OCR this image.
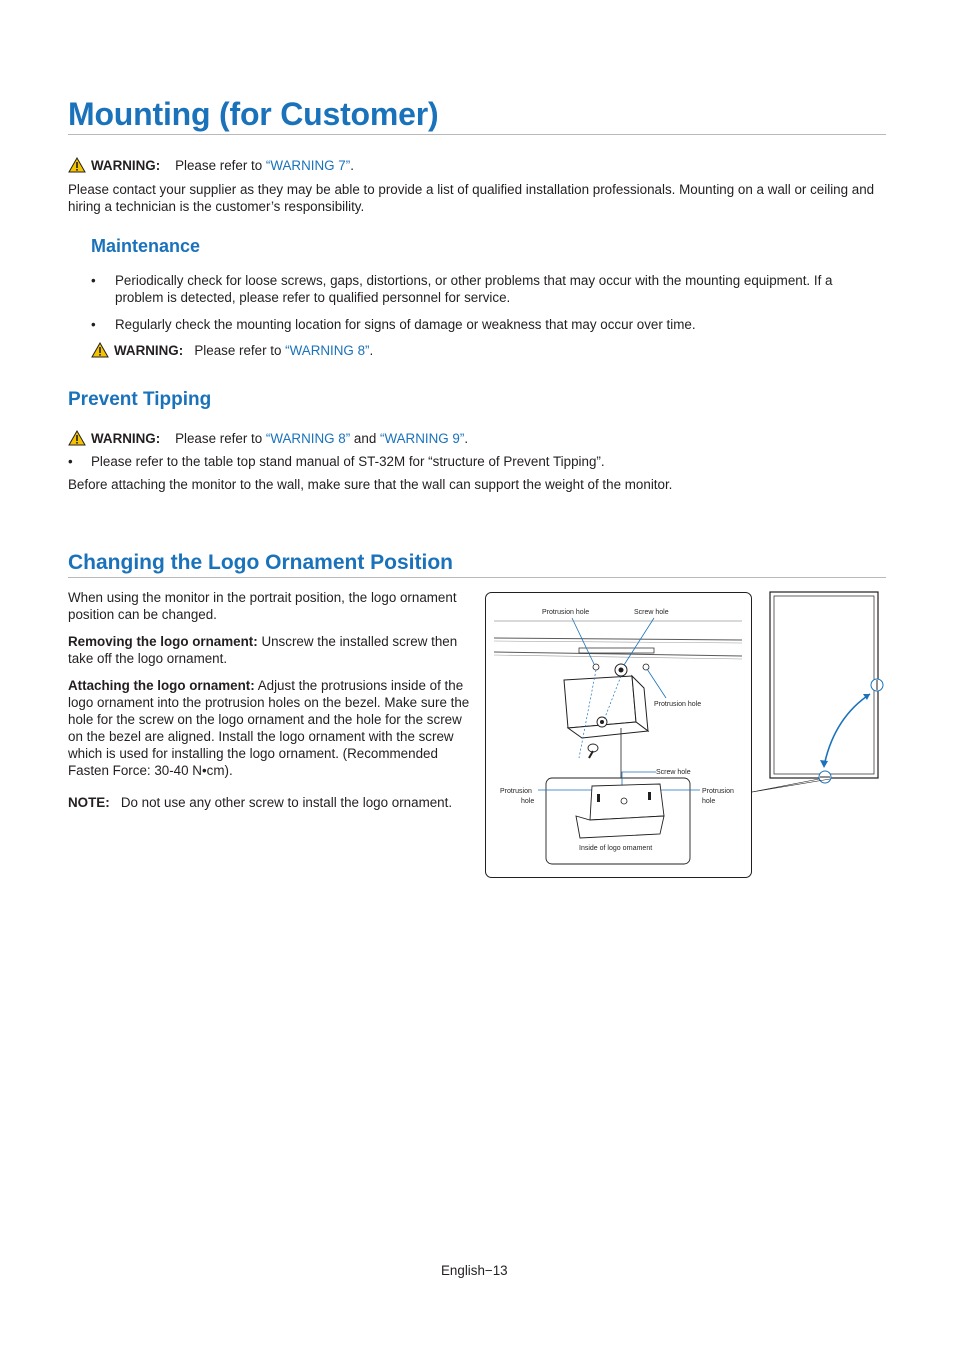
Mounting (for Customer)
WARNING: Please refer to “WARNING 7”.

Please contact your supplier as they may be able to provide a list of qualified installation professionals. Mounting on a wall or ceiling and hiring a technician is the customer’s responsibility.

Maintenance
• Periodically check for loose screws, gaps, distortions, or other problems that may occur with the mounting equipment. If a problem is detected, please refer to qualified personnel for service.

• Regularly check the mounting location for signs of damage or weakness that may occur over time.

WARNING: Please refer to “WARNING 8”.
Prevent Tipping
WARNING: Please refer to “WARNING 8” and “WARNING 9”.
• Please refer to the table top stand manual of ST-32M for “structure of Prevent Tipping”.

Before attaching the monitor to the wall, make sure that the wall can support the weight of the monitor.

Changing the Logo Ornament Position

When using the monitor in the portrait position, the logo ornament position can be changed.

Removing the logo ornament: Unscrew the installed screw then take off the logo ornament.

Attaching the logo ornament: Adjust the protrusions inside of the logo ornament into the protrusion holes on the bezel. Make sure the hole for the screw on the logo ornament and the hole for the screw on the bezel are aligned. Install the logo ornament with the screw which is used for installing the logo ornament. (Recommended Fasten Force: 30-40 N•cm).

NOTE: Do not use any other screw to install the logo ornament.
Protrusion hole	Screw hole
Protrusion hole
Screw hole
Protrusion
hole
Protrusion
hole
Inside of logo ornament
English−13
